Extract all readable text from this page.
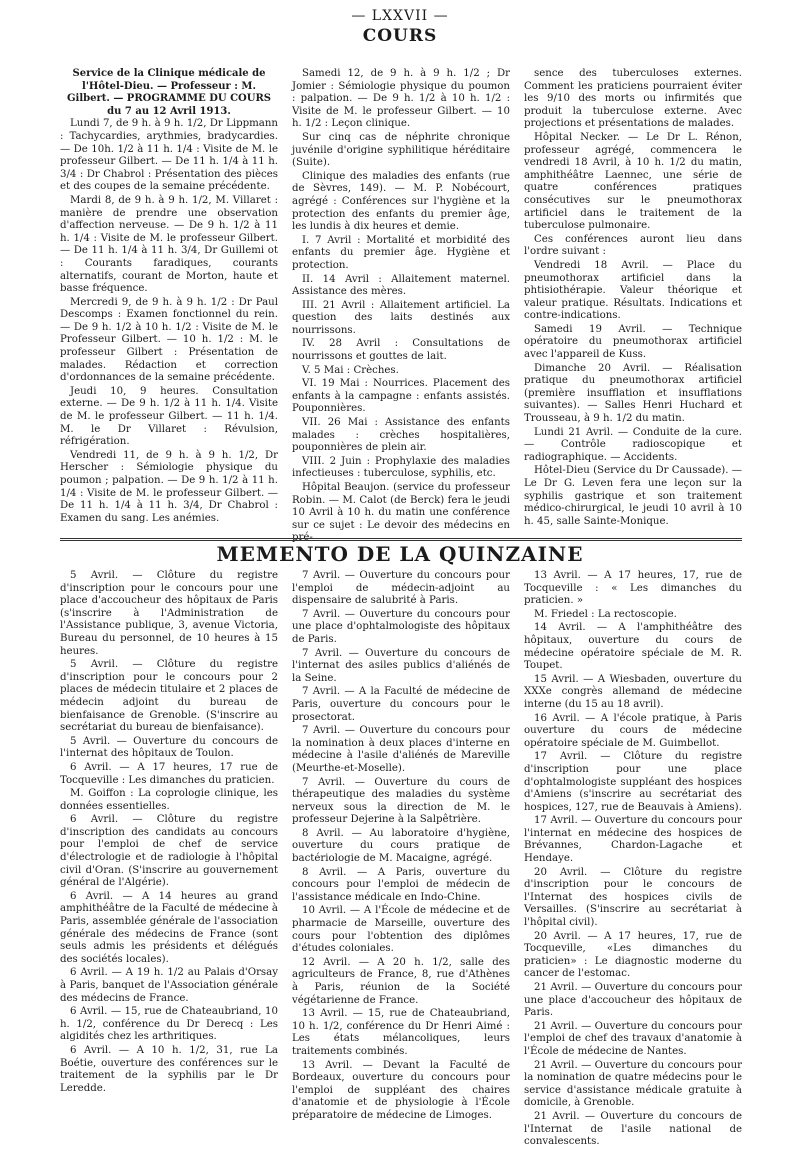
— LXXVII —
COURS

Service de la Clinique médicale de l'Hôtel-Dieu. — Professeur : M. Gilbert. — PROGRAMME DU COURS du 7 au 12 Avril 1913.

Lundi 7, de 9 h. à 9 h. 1/2, Dr Lippmann : Tachycardies, arythmies, bradycardies. — De 10h. 1/2 à 11 h. 1/4 : Visite de M. le professeur Gilbert. — De 11 h. 1/4 à 11 h. 3/4 : Dr Chabrol : Présentation des pièces et des coupes de la semaine précédente.

Mardi 8, de 9 h. à 9 h. 1/2, M. Villaret : manière de prendre une observation d'affection nerveuse. — De 9 h. 1/2 à 11 h. 1/4 : Visite de M. le professeur Gilbert. — De 11 h. 1/4 à 11 h. 3/4, Dr Guillemi ot : Courants faradiques, courants alternatifs, courant de Morton, haute et basse fréquence.

Mercredi 9, de 9 h. à 9 h. 1/2 : Dr Paul Descomps : Examen fonctionnel du rein. — De 9 h. 1/2 à 10 h. 1/2 : Visite de M. le Professeur Gilbert. — 10 h. 1/2 : M. le professeur Gilbert : Présentation de malades. Rédaction et correction d'ordonnances de la semaine précédente.

Jeudi 10, 9 heures. Consultation externe. — De 9 h. 1/2 à 11 h. 1/4. Visite de M. le professeur Gilbert. — 11 h. 1/4. M. le Dr Villaret : Révulsion, réfrigération.

Vendredi 11, de 9 h. à 9 h. 1/2, Dr Herscher : Sémiologie physique du poumon ; palpation. — De 9 h. 1/2 à 11 h. 1/4 : Visite de M. le professeur Gilbert. — De 11 h. 1/4 à 11 h. 3/4, Dr Chabrol : Examen du sang. Les anémies.

Samedi 12, de 9 h. à 9 h. 1/2 ; Dr Jomier : Sémiologie physique du poumon : palpation. — De 9 h. 1/2 à 10 h. 1/2 : Visite de M. le professeur Gilbert. — 10 h. 1/2 : Leçon clinique.

Sur cinq cas de néphrite chronique juvénile d'origine syphilitique héréditaire (Suite).

Clinique des maladies des enfants (rue de Sèvres, 149). — M. P. Nobécourt, agrégé : Conférences sur l'hygiène et la protection des enfants du premier âge, les lundis à dix heures et demie.

I. 7 Avril : Mortalité et morbidité des enfants du premier âge. Hygiène et protection.

II. 14 Avril : Allaitement maternel. Assistance des mères.

III. 21 Avril : Allaitement artificiel. La question des laits destinés aux nourrissons.

IV. 28 Avril : Consultations de nourrissons et gouttes de lait.

V. 5 Mai : Crèches.

VI. 19 Mai : Nourrices. Placement des enfants à la campagne : enfants assistés. Pouponnières.

VII. 26 Mai : Assistance des enfants malades : crèches hospitalières, pouponnières de plein air.

VIII. 2 Juin : Prophylaxie des maladies infectieuses : tuberculose, syphilis, etc.

Hôpital Beaujon. (service du professeur Robin. — M. Calot (de Berck) fera le jeudi 10 Avril à 10 h. du matin une conférence sur ce sujet : Le devoir des médecins en pré-

sence des tuberculoses externes. Comment les praticiens pourraient éviter les 9/10 des morts ou infirmités que produit la tuberculose externe. Avec projections et présentations de malades.

Hôpital Necker. — Le Dr L. Rénon, professeur agrégé, commencera le vendredi 18 Avril, à 10 h. 1/2 du matin, amphithéâtre Laennec, une série de quatre conférences pratiques consécutives sur le pneumothorax artificiel dans le traitement de la tuberculose pulmonaire.

Ces conférences auront lieu dans l'ordre suivant :

Vendredi 18 Avril. — Place du pneumothorax artificiel dans la phtisiothérapie. Valeur théorique et valeur pratique. Résultats. Indications et contre-indications.

Samedi 19 Avril. — Technique opératoire du pneumothorax artificiel avec l'appareil de Kuss.

Dimanche 20 Avril. — Réalisation pratique du pneumothorax artificiel (première insufflation et insufflations suivantes). — Salles Henri Huchard et Trousseau, à 9 h. 1/2 du matin.

Lundi 21 Avril. — Conduite de la cure. — Contrôle radioscopique et radiographique. — Accidents.

Hôtel-Dieu (Service du Dr Caussade). — Le Dr G. Leven fera une leçon sur la syphilis gastrique et son traitement médico-chirurgical, le jeudi 10 avril à 10 h. 45, salle Sainte-Monique.

MEMENTO DE LA QUINZAINE

5 Avril. — Clôture du registre d'inscription pour le concours pour une place d'accoucheur des hôpitaux de Paris (s'inscrire à l'Administration de l'Assistance publique, 3, avenue Victoria, Bureau du personnel, de 10 heures à 15 heures.

5 Avril. — Clôture du registre d'inscription pour le concours pour 2 places de médecin titulaire et 2 places de médecin adjoint du bureau de bienfaisance de Grenoble. (S'inscrire au secrétariat du bureau de bienfaisance).

5 Avril. — Ouverture du concours de l'internat des hôpitaux de Toulon.

6 Avril. — A 17 heures, 17 rue de Tocqueville : Les dimanches du praticien.

M. Goiffon : La coprologie clinique, les données essentielles.

6 Avril. — Clôture du registre d'inscription des candidats au concours pour l'emploi de chef de service d'électrologie et de radiologie à l'hôpital civil d'Oran. (S'inscrire au gouvernement général de l'Algérie).

6 Avril. — A 14 heures au grand amphithéâtre de la Faculté de médecine à Paris, assemblée générale de l'association générale des médecins de France (sont seuls admis les présidents et délégués des sociétés locales).

6 Avril. — A 19 h. 1/2 au Palais d'Orsay à Paris, banquet de l'Association générale des médecins de France.

6 Avril. — 15, rue de Chateaubriand, 10 h. 1/2, conférence du Dr Derecq : Les algidités chez les arthritiques.

6 Avril. — A 10 h. 1/2, 31, rue La Boétie, ouverture des conférences sur le traitement de la syphilis par le Dr Leredde.

7 Avril. — Ouverture du concours pour l'emploi de médecin-adjoint au dispensaire de salubrité à Paris.

7 Avril. — Ouverture du concours pour une place d'ophtalmologiste des hôpitaux de Paris.

7 Avril. — Ouverture du concours de l'internat des asiles publics d'aliénés de la Seine.

7 Avril. — A la Faculté de médecine de Paris, ouverture du concours pour le prosectorat.

7 Avril. — Ouverture du concours pour la nomination à deux places d'interne en médecine à l'asile d'aliénés de Mareville (Meurthe-et-Moselle).

7 Avril. — Ouverture du cours de thérapeutique des maladies du système nerveux sous la direction de M. le professeur Dejerine à la Salpêtrière.

8 Avril. — Au laboratoire d'hygiène, ouverture du cours pratique de bactériologie de M. Macaigne, agrégé.

8 Avril. — A Paris, ouverture du concours pour l'emploi de médecin de l'assistance médicale en Indo-Chine.

10 Avril. — A l'École de médecine et de pharmacie de Marseille, ouverture des cours pour l'obtention des diplômes d'études coloniales.

12 Avril. — A 20 h. 1/2, salle des agriculteurs de France, 8, rue d'Athènes à Paris, réunion de la Société végétarienne de France.

13 Avril. — 15, rue de Chateaubriand, 10 h. 1/2, conférence du Dr Henri Aimé : Les états mélancoliques, leurs traitements combinés.

13 Avril. — Devant la Faculté de Bordeaux, ouverture du concours pour l'emploi de suppléant des chaires d'anatomie et de physiologie à l'École préparatoire de médecine de Limoges.

13 Avril. — A 17 heures, 17, rue de Tocqueville : « Les dimanches du praticien. »

M. Friedel : La rectoscopie.

14 Avril. — A l'amphithéâtre des hôpitaux, ouverture du cours de médecine opératoire spéciale de M. R. Toupet.

15 Avril. — A Wiesbaden, ouverture du XXXe congrès allemand de médecine interne (du 15 au 18 avril).

16 Avril. — A l'école pratique, à Paris ouverture du cours de médecine opératoire spéciale de M. Guimbellot.

17 Avril. — Clôture du registre d'inscription pour une place d'ophtalmologiste suppléant des hospices d'Amiens (s'inscrire au secrétariat des hospices, 127, rue de Beauvais à Amiens).

17 Avril. — Ouverture du concours pour l'internat en médecine des hospices de Brévannes, Chardon-Lagache et Hendaye.

20 Avril. — Clôture du registre d'inscription pour le concours de l'Internat des hospices civils de Versailles. (S'inscrire au secrétariat à l'hôpital civil).

20 Avril. — A 17 heures, 17, rue de Tocqueville, «Les dimanches du praticien» : Le diagnostic moderne du cancer de l'estomac.

21 Avril. — Ouverture du concours pour une place d'accoucheur des hôpitaux de Paris.

21 Avril. — Ouverture du concours pour l'emploi de chef des travaux d'anatomie à l'École de médecine de Nantes.

21 Avril. — Ouverture du concours pour la nomination de quatre médecins pour le service d'assistance médicale gratuite à domicile, à Grenoble.

21 Avril. — Ouverture du concours de l'Internat de l'asile national de convalescents.
